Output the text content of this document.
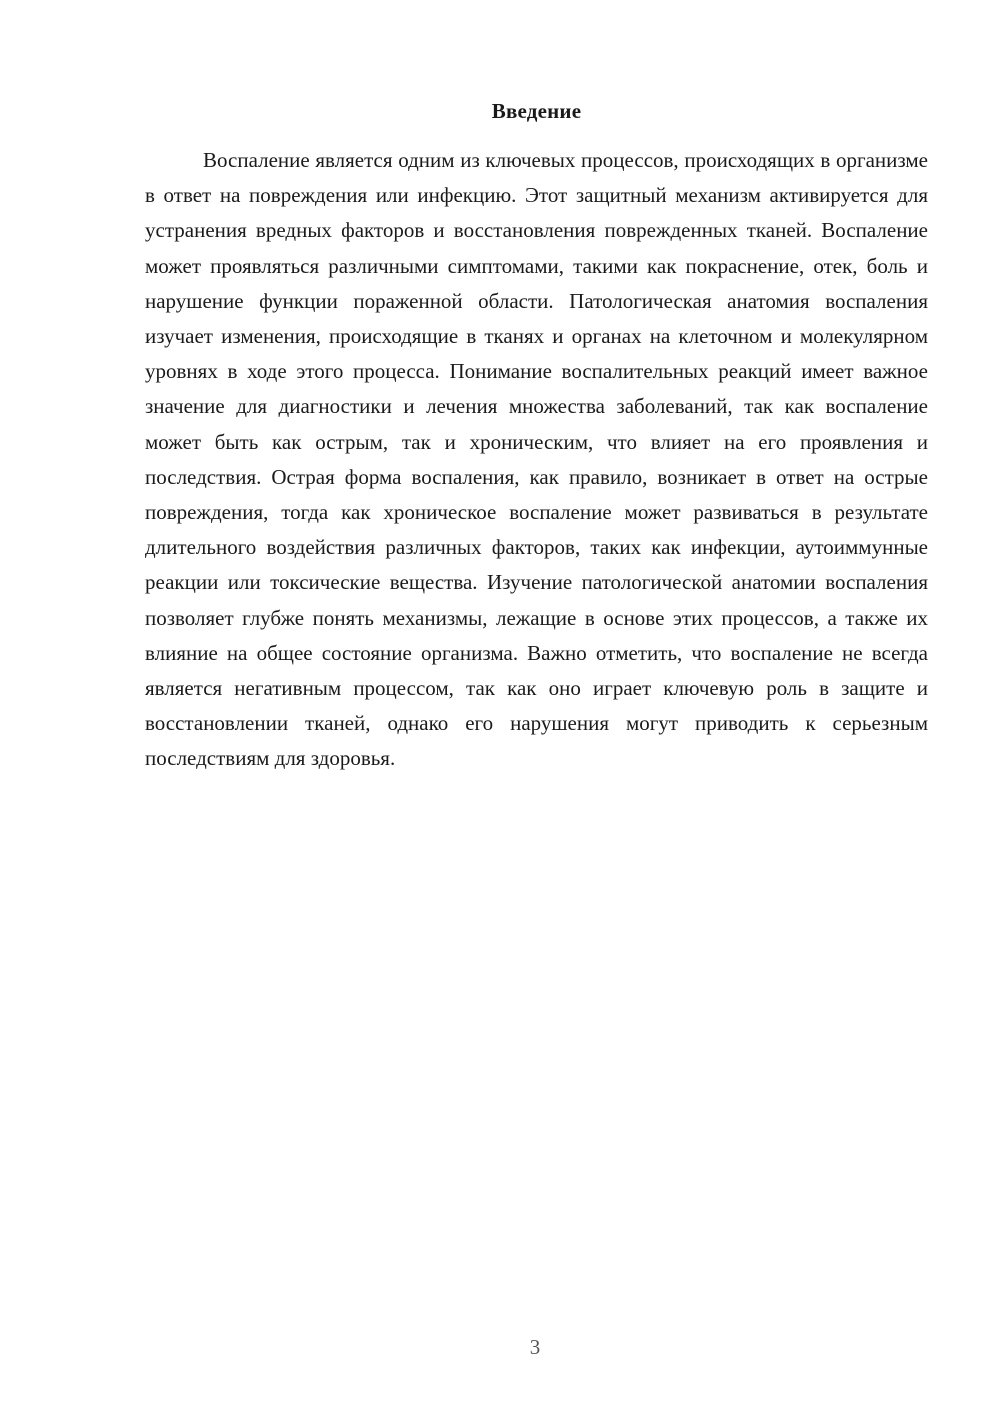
Введение

Воспаление является одним из ключевых процессов, происходящих в организме в ответ на повреждения или инфекцию. Этот защитный механизм активируется для устранения вредных факторов и восстановления поврежденных тканей. Воспаление может проявляться различными симптомами, такими как покраснение, отек, боль и нарушение функции пораженной области. Патологическая анатомия воспаления изучает изменения, происходящие в тканях и органах на клеточном и молекулярном уровнях в ходе этого процесса. Понимание воспалительных реакций имеет важное значение для диагностики и лечения множества заболеваний, так как воспаление может быть как острым, так и хроническим, что влияет на его проявления и последствия. Острая форма воспаления, как правило, возникает в ответ на острые повреждения, тогда как хроническое воспаление может развиваться в результате длительного воздействия различных факторов, таких как инфекции, аутоиммунные реакции или токсические вещества. Изучение патологической анатомии воспаления позволяет глубже понять механизмы, лежащие в основе этих процессов, а также их влияние на общее состояние организма. Важно отметить, что воспаление не всегда является негативным процессом, так как оно играет ключевую роль в защите и восстановлении тканей, однако его нарушения могут приводить к серьезным последствиям для здоровья.

3
